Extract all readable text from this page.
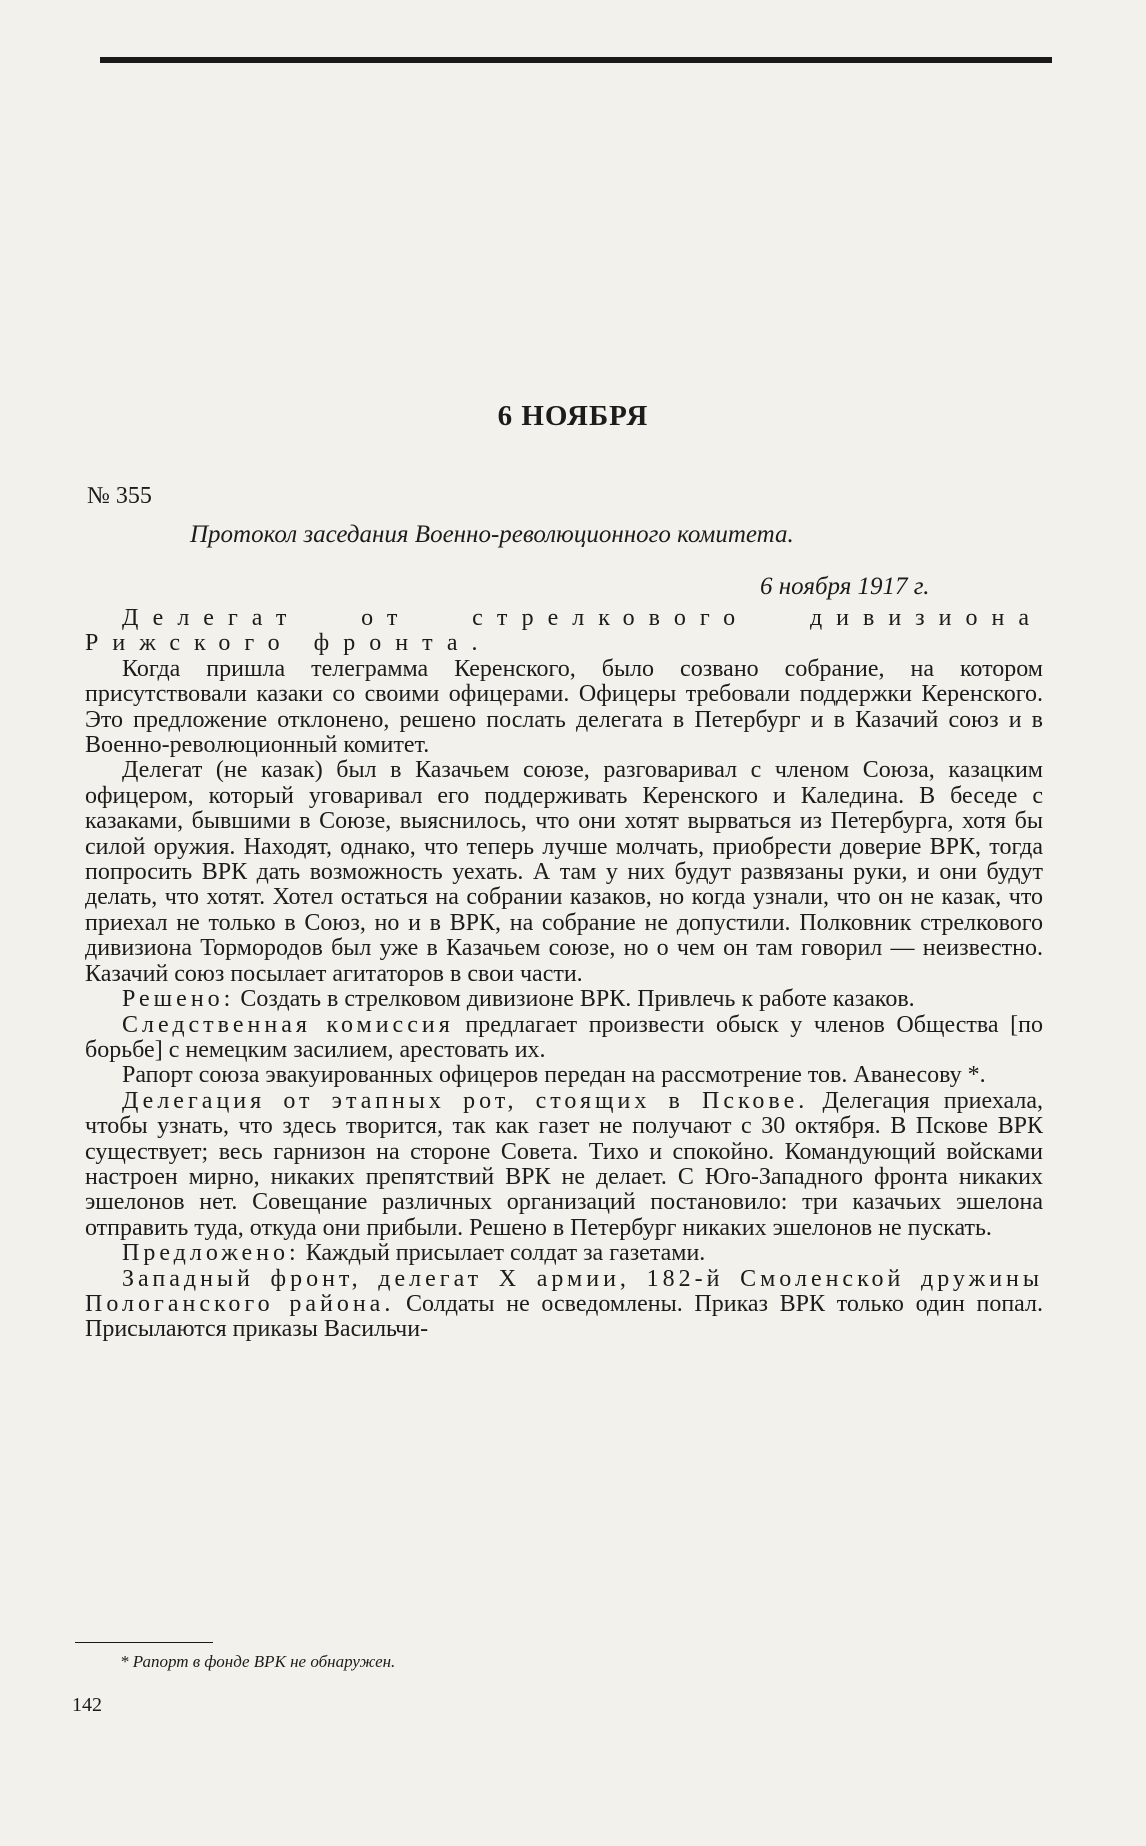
6 НОЯБРЯ
№ 355
Протокол заседания Военно-революционного комитета.
6 ноября 1917 г.

Делегат от стрелкового дивизиона Рижского фронта.

Когда пришла телеграмма Керенского, было созвано собрание, на котором присутствовали казаки со своими офицерами. Офицеры требовали поддержки Керенского. Это предложение отклонено, решено послать делегата в Петербург и в Казачий союз и в Военно-революционный комитет.

Делегат (не казак) был в Казачьем союзе, разговаривал с членом Союза, казацким офицером, который уговаривал его поддерживать Керенского и Каледина. В беседе с казаками, бывшими в Союзе, выяснилось, что они хотят вырваться из Петербурга, хотя бы силой оружия. Находят, однако, что теперь лучше молчать, приобрести доверие ВРК, тогда попросить ВРК дать возможность уехать. А там у них будут развязаны руки, и они будут делать, что хотят. Хотел остаться на собрании казаков, но когда узнали, что он не казак, что приехал не только в Союз, но и в ВРК, на собрание не допустили. Полковник стрелкового дивизиона Тормородов был уже в Казачьем союзе, но о чем он там говорил — неизвестно. Казачий союз посылает агитаторов в свои части.

Решено: Создать в стрелковом дивизионе ВРК. Привлечь к работе казаков.

Следственная комиссия предлагает произвести обыск у членов Общества [по борьбе] с немецким засилием, арестовать их.

Рапорт союза эвакуированных офицеров передан на рассмотрение тов. Аванесову *.

Делегация от этапных рот, стоящих в Пскове. Делегация приехала, чтобы узнать, что здесь творится, так как газет не получают с 30 октября. В Пскове ВРК существует; весь гарнизон на стороне Совета. Тихо и спокойно. Командующий войсками настроен мирно, никаких препятствий ВРК не делает. С Юго-Западного фронта никаких эшелонов нет. Совещание различных организаций постановило: три казачьих эшелона отправить туда, откуда они прибыли. Решено в Петербург никаких эшелонов не пускать.

Предложено: Каждый присылает солдат за газетами.

Западный фронт, делегат X армии, 182-й Смоленской дружины Пологанского района. Солдаты не осведомлены. Приказ ВРК только один попал. Присылаются приказы Васильчи-

* Рапорт в фонде ВРК не обнаружен.
142
